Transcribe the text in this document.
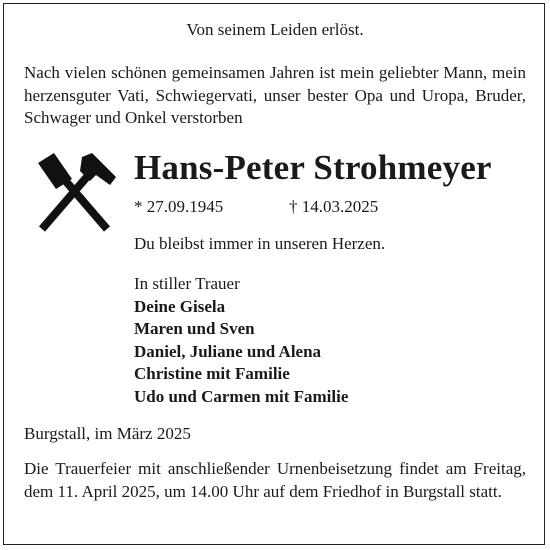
Von seinem Leiden erlöst.
Nach vielen schönen gemeinsamen Jahren ist mein geliebter Mann, mein herzensguter Vati, Schwiegervati, unser bester Opa und Uropa, Bruder, Schwager und Onkel verstorben
Hans-Peter Strohmeyer
* 27.09.1945	† 14.03.2025
Du bleibst immer in unseren Herzen.
In stiller Trauer
Deine Gisela
Maren und Sven
Daniel, Juliane und Alena
Christine mit Familie
Udo und Carmen mit Familie
Burgstall, im März 2025
Die Trauerfeier mit anschließender Urnenbeisetzung findet am Freitag, dem 11. April 2025, um 14.00 Uhr auf dem Friedhof in Burgstall statt.
